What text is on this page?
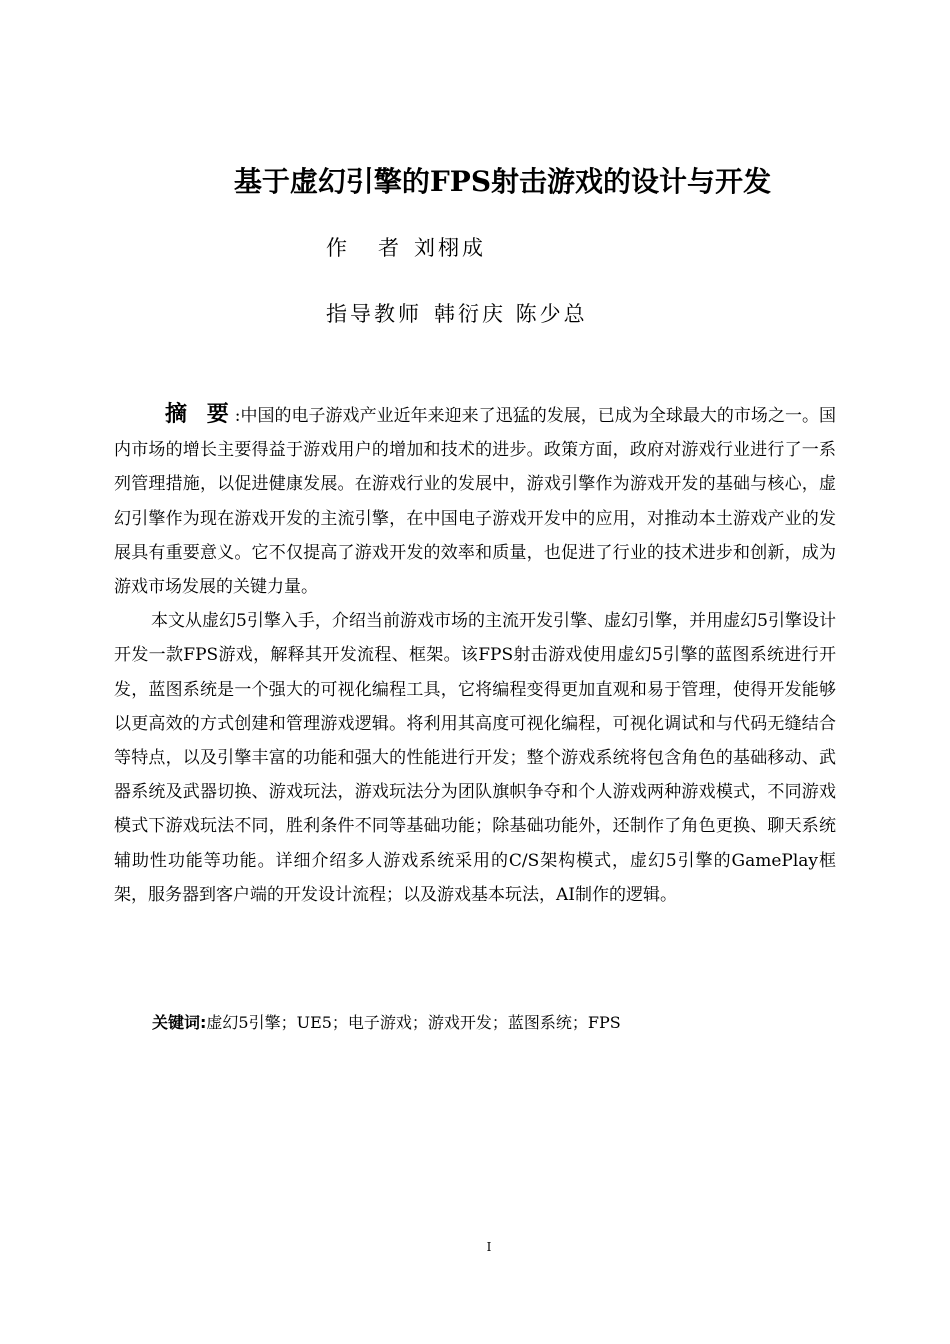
基于虚幻引擎的FPS射击游戏的设计与开发
作 者 刘栩成
指导教师 韩衍庆 陈少总

摘 要:中国的电子游戏产业近年来迎来了迅猛的发展，已成为全球最大的市场之一。国内市场的增长主要得益于游戏用户的增加和技术的进步。政策方面，政府对游戏行业进行了一系列管理措施，以促进健康发展。在游戏行业的发展中，游戏引擎作为游戏开发的基础与核心，虚幻引擎作为现在游戏开发的主流引擎，在中国电子游戏开发中的应用，对推动本土游戏产业的发展具有重要意义。它不仅提高了游戏开发的效率和质量，也促进了行业的技术进步和创新，成为游戏市场发展的关键力量。

本文从虚幻5引擎入手，介绍当前游戏市场的主流开发引擎、虚幻引擎，并用虚幻5引擎设计开发一款FPS游戏，解释其开发流程、框架。该FPS射击游戏使用虚幻5引擎的蓝图系统进行开发，蓝图系统是一个强大的可视化编程工具，它将编程变得更加直观和易于管理，使得开发能够以更高效的方式创建和管理游戏逻辑。将利用其高度可视化编程，可视化调试和与代码无缝结合等特点，以及引擎丰富的功能和强大的性能进行开发；整个游戏系统将包含角色的基础移动、武器系统及武器切换、游戏玩法，游戏玩法分为团队旗帜争夺和个人游戏两种游戏模式，不同游戏模式下游戏玩法不同，胜利条件不同等基础功能；除基础功能外，还制作了角色更换、聊天系统辅助性功能等功能。详细介绍多人游戏系统采用的C/S架构模式，虚幻5引擎的GamePlay框架，服务器到客户端的开发设计流程；以及游戏基本玩法，AI制作的逻辑。

关键词:虚幻5引擎；UE5；电子游戏；游戏开发；蓝图系统；FPS
I
